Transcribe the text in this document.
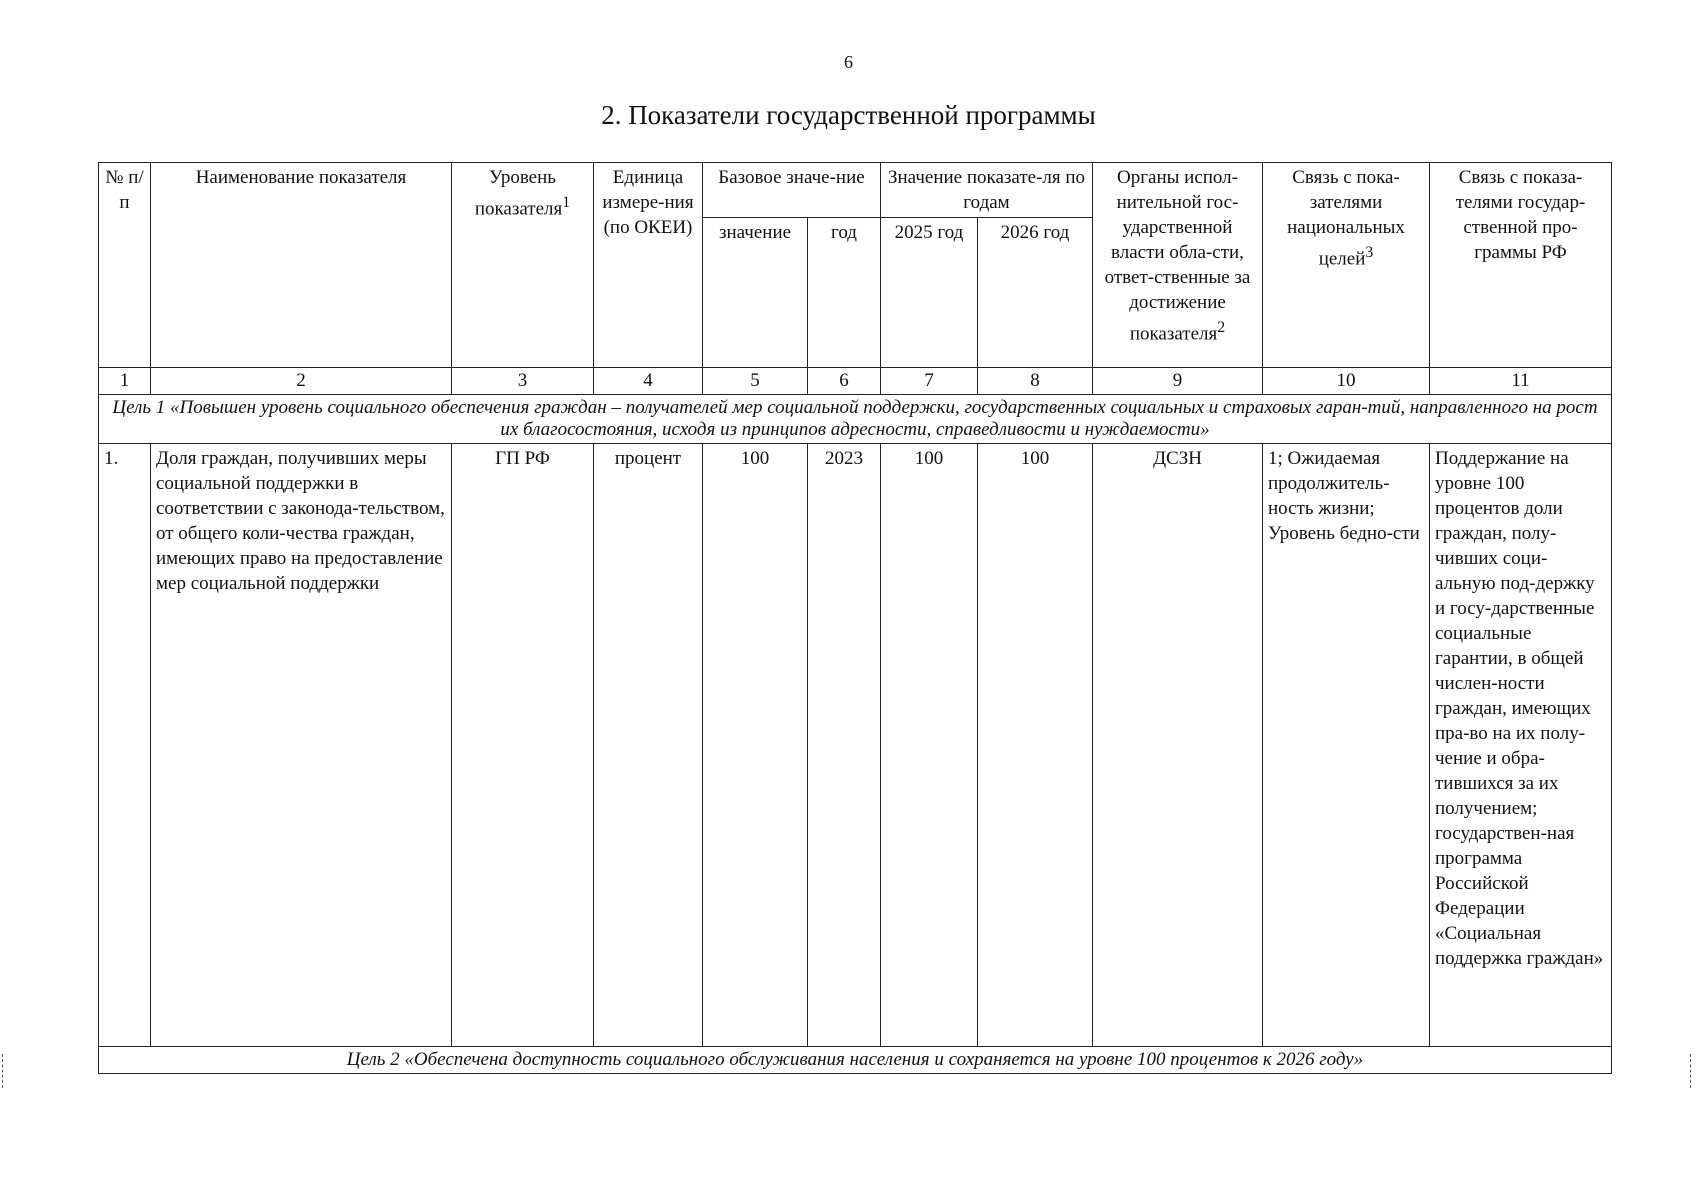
6
2. Показатели государственной программы
№ п/ п	Наименование показателя	Уровень показателя$^1$	Единица измере-ния (по ОКЕИ)	Базовое значе-ние		Значение показате-ля по годам		Органы испол-нительной гос-ударственной власти обла-сти, ответ-ственные за достижение показателя$^2$	Связь с пока-зателями национальных целей$^3$	Связь с показа-телями государ-ственной про-граммы РФ
				значение	год	2025 год	2026 год			
1	2	3	4	5	6	7	8	9	10	11
Цель 1 «Повышен уровень социального обеспечения граждан – получателей мер социальной поддержки, государственных социальных и страховых гаран-тий, направленного на рост их благосостояния, исходя из принципов адресности, справедливости и нуждаемости»										
1.	Доля граждан, получивших меры социальной поддержки в соответствии с законода-тельством, от общего коли-чества граждан, имеющих право на предоставление мер социальной поддержки	ГП РФ	процент	100	2023	100	100	ДСЗН	1; Ожидаемая продолжитель-ность жизни; Уровень бедно-сти	Поддержание на уровне 100 процентов доли граждан, полу-чивших соци-альную под-держку и госу-дарственные социальные гарантии, в общей числен-ности граждан, имеющих пра-во на их полу-чение и обра-тившихся за их получением; государствен-ная программа Российской Федерации «Социальная поддержка граждан»
Цель 2 «Обеспечена доступность социального обслуживания населения и сохраняется на уровне 100 процентов к 2026 году»										
